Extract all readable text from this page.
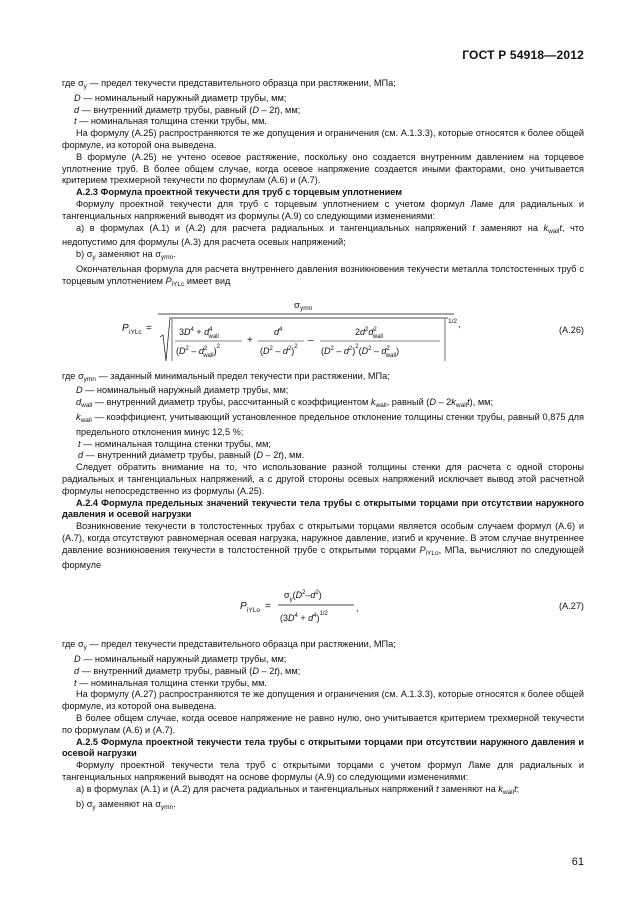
ГОСТ Р 54918—2012

где $\sigma_y$ — предел текучести представительного образца при растяжении, МПа;

D — номинальный наружный диаметр трубы, мм;

d — внутренний диаметр трубы, равный (D – 2t), мм;

t — номинальная толщина стенки трубы, мм.

На формулу (А.25) распространяются те же допущения и ограничения (см. А.1.3.3), которые относятся к более общей формуле, из которой она выведена.

В формуле (А.25) не учтено осевое растяжение, поскольку оно создается внутренним давлением на торцевое уплотнение труб. В более общем случае, когда осевое напряжение создается иными факторами, оно учитывается критерием трехмерной текучести по формулам (А.6) и (А.7).

А.2.3 Формула проектной текучести для труб с торцевым уплотнением

Формулу проектной текучести для труб с торцевым уплотнением с учетом формул Ламе для радиальных и тангенциальных напряжений выводят из формулы (А.9) со следующими изменениями:

a) в формулах (А.1) и (А.2) для расчета радиальных и тангенциальных напряжений t заменяют на $k_{wall}t$, что недопустимо для формулы (А.3) для расчета осевых напряжений;

b) $\sigma_y$ заменяют на $\sigma_{ymn}$.

Окончательная формула для расчета внутреннего давления возникновения текучести металла толстостенных труб с торцевым уплотнением $P_{iYLc}$ имеет вид

P iYLc =
σ ymn
1/2
$3D^4 + d^4$ wall
($D^2 - d^2$ wall)$^2$
+
$d^4$
$(D^2 - d^2)^2$
–
$2d^2d^2$ wall
$(D^2 - d^2)^2(D^2 - d^2$ wall)
,
(А.26)

где $\sigma_{ymn}$ — заданный минимальный предел текучести при растяжении, МПа;

D — номинальный наружный диаметр трубы, мм;

$d_{wall}$ — внутренний диаметр трубы, рассчитанный с коэффициентом $k_{wall}$, равный $(D - 2k_{wall}t)$, мм;

$k_{wall}$ — коэффициент, учитывающий установленное предельное отклонение толщины стенки трубы, равный 0,875 для предельного отклонения минус 12,5 %;

t — номинальная толщина стенки трубы, мм;

d — внутренний диаметр трубы, равный (D – 2t), мм.

Следует обратить внимание на то, что использование разной толщины стенки для расчета с одной стороны радиальных и тангенциальных напряжений, а с другой стороны осевых напряжений исключает вывод этой расчетной формулы непосредственно из формулы (А.25).

А.2.4 Формула предельных значений текучести тела трубы с открытыми торцами при отсутствии наружного давления и осевой нагрузки

Возникновение текучести в толстостенных трубах с открытыми торцами является особым случаем формул (А.6) и (А.7), когда отсутствуют равномерная осевая нагрузка, наружное давление, изгиб и кручение. В этом случае внутреннее давление возникновения текучести в толстостенной трубе с открытыми торцами $P_{iYLo}$, МПа, вычисляют по следующей формуле

P iYLo =
$\sigma_y(D^2-d^2)$
$(3D^4 + d^4)^{1/2}$
,	(А.27)

где $\sigma_y$ — предел текучести представительного образца при растяжении, МПа;

D — номинальный наружный диаметр трубы, мм;

d — внутренний диаметр трубы, равный (D – 2t), мм;

t — номинальная толщина стенки трубы, мм.

На формулу (А.27) распространяются те же допущения и ограничения (см. А.1.3.3), которые относятся к более общей формуле, из которой она выведена.

В более общем случае, когда осевое напряжение не равно нулю, оно учитывается критерием трехмерной текучести по формулам (А.6) и (А.7).

А.2.5 Формула проектной текучести тела трубы с открытыми торцами при отсутствии наружного давления и осевой нагрузки

Формулу проектной текучести тела труб с открытыми торцами с учетом формул Ламе для радиальных и тангенциальных напряжений выводят на основе формулы (А.9) со следующими изменениями:

a) в формулах (А.1) и (А.2) для расчета радиальных и тангенциальных напряжений t заменяют на $k_{wall}t$;

b) $\sigma_y$ заменяют на $\sigma_{ymn}$.

61
